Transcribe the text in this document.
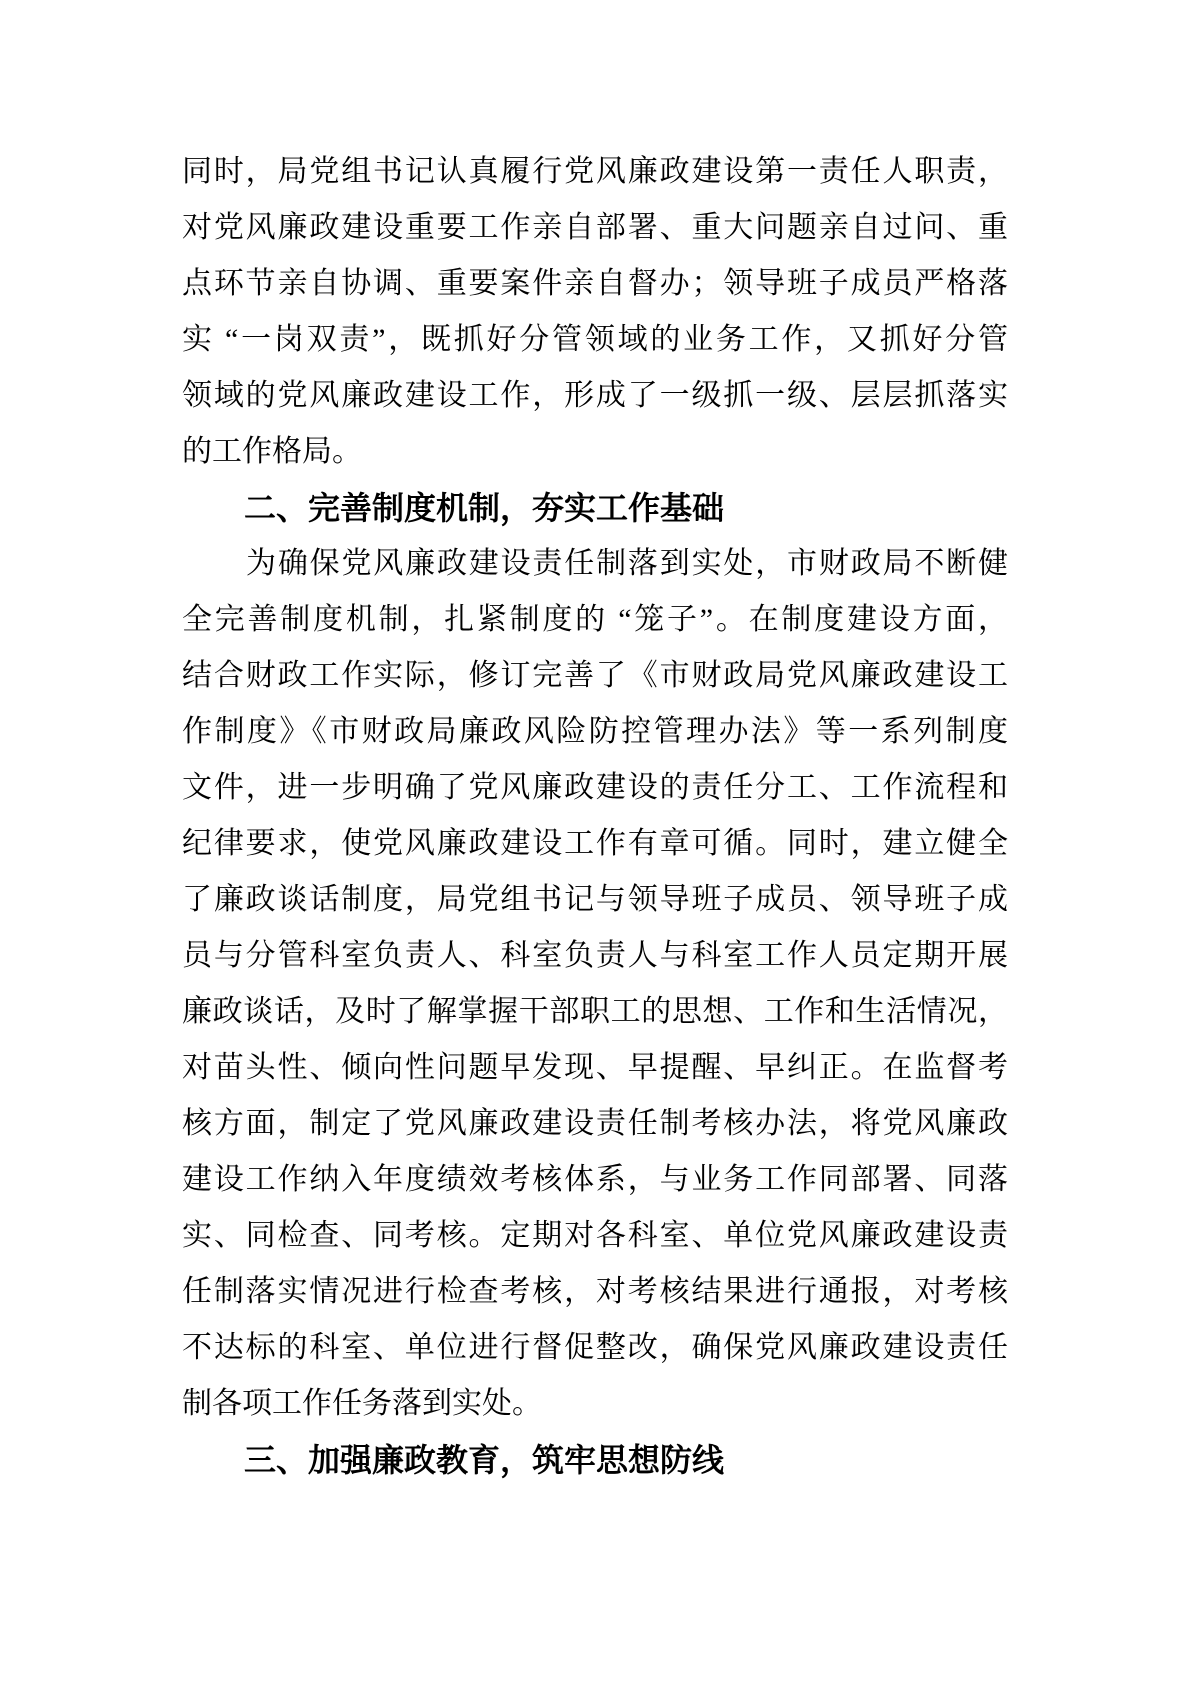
同时，局党组书记认真履行党风廉政建设第一责任人职责，
对党风廉政建设重要工作亲自部署、重大问题亲自过问、重
点环节亲自协调、重要案件亲自督办；领导班子成员严格落
实 “一岗双责”，既抓好分管领域的业务工作，又抓好分管
领域的党风廉政建设工作，形成了一级抓一级、层层抓落实
的工作格局。
二、完善制度机制，夯实工作基础
为确保党风廉政建设责任制落到实处，市财政局不断健
全完善制度机制，扎紧制度的 “笼子”。在制度建设方面，
结合财政工作实际，修订完善了《市财政局党风廉政建设工
作制度》《市财政局廉政风险防控管理办法》等一系列制度
文件，进一步明确了党风廉政建设的责任分工、工作流程和
纪律要求，使党风廉政建设工作有章可循。同时，建立健全
了廉政谈话制度，局党组书记与领导班子成员、领导班子成
员与分管科室负责人、科室负责人与科室工作人员定期开展
廉政谈话，及时了解掌握干部职工的思想、工作和生活情况，
对苗头性、倾向性问题早发现、早提醒、早纠正。在监督考
核方面，制定了党风廉政建设责任制考核办法，将党风廉政
建设工作纳入年度绩效考核体系，与业务工作同部署、同落
实、同检查、同考核。定期对各科室、单位党风廉政建设责
任制落实情况进行检查考核，对考核结果进行通报，对考核
不达标的科室、单位进行督促整改，确保党风廉政建设责任
制各项工作任务落到实处。
三、加强廉政教育，筑牢思想防线
